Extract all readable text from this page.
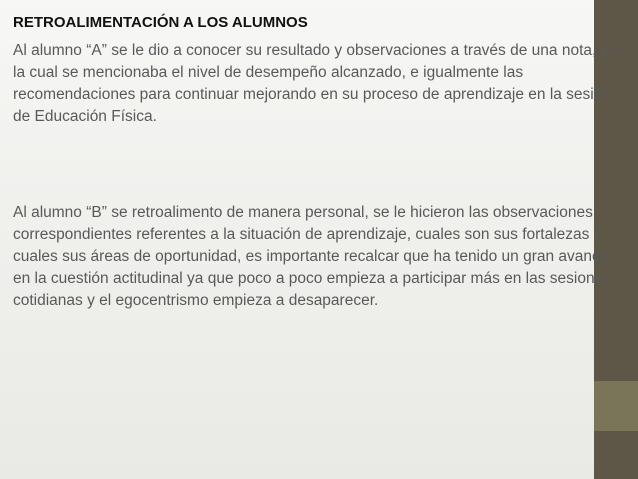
RETROALIMENTACIÓN A LOS ALUMNOS

Al alumno “A” se le dio a conocer su resultado y observaciones a través de una nota, en la cual se mencionaba el nivel de desempeño alcanzado, e igualmente las recomendaciones para continuar mejorando en su proceso de aprendizaje en la sesión de Educación Física.

Al alumno “B” se retroalimento de manera personal, se le hicieron las observaciones correspondientes referentes a la situación de aprendizaje, cuales son sus fortalezas y cuales sus áreas de oportunidad, es importante recalcar que ha tenido un gran avance en la cuestión actitudinal ya que poco a poco empieza a participar más en las sesiones cotidianas y el egocentrismo empieza a desaparecer.
